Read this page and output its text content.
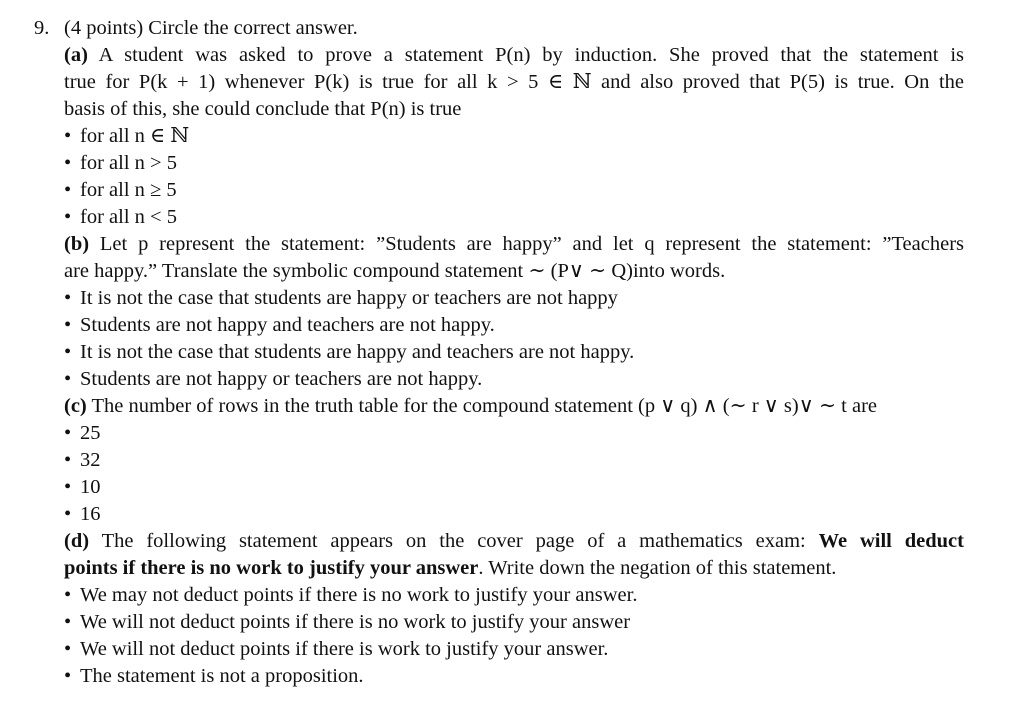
9. (4 points) Circle the correct answer.
(a) A student was asked to prove a statement P(n) by induction. She proved that the statement is
true for P(k + 1) whenever P(k) is true for all k > 5 ∈ ℕ and also proved that P(5) is true. On the
basis of this, she could conclude that P(n) is true
• for all n ∈ ℕ
• for all n > 5
• for all n ≥ 5
• for all n < 5
(b) Let p represent the statement: ”Students are happy” and let q represent the statement: ”Teachers
are happy.” Translate the symbolic compound statement ∼ (P∨ ∼ Q)into words.
• It is not the case that students are happy or teachers are not happy
• Students are not happy and teachers are not happy.
• It is not the case that students are happy and teachers are not happy.
• Students are not happy or teachers are not happy.
(c) The number of rows in the truth table for the compound statement (p ∨ q) ∧ (∼ r ∨ s)∨ ∼ t are
• 25
• 32
• 10
• 16
(d) The following statement appears on the cover page of a mathematics exam: We will deduct
points if there is no work to justify your answer. Write down the negation of this statement.
• We may not deduct points if there is no work to justify your answer.
• We will not deduct points if there is no work to justify your answer
• We will not deduct points if there is work to justify your answer.
• The statement is not a proposition.
